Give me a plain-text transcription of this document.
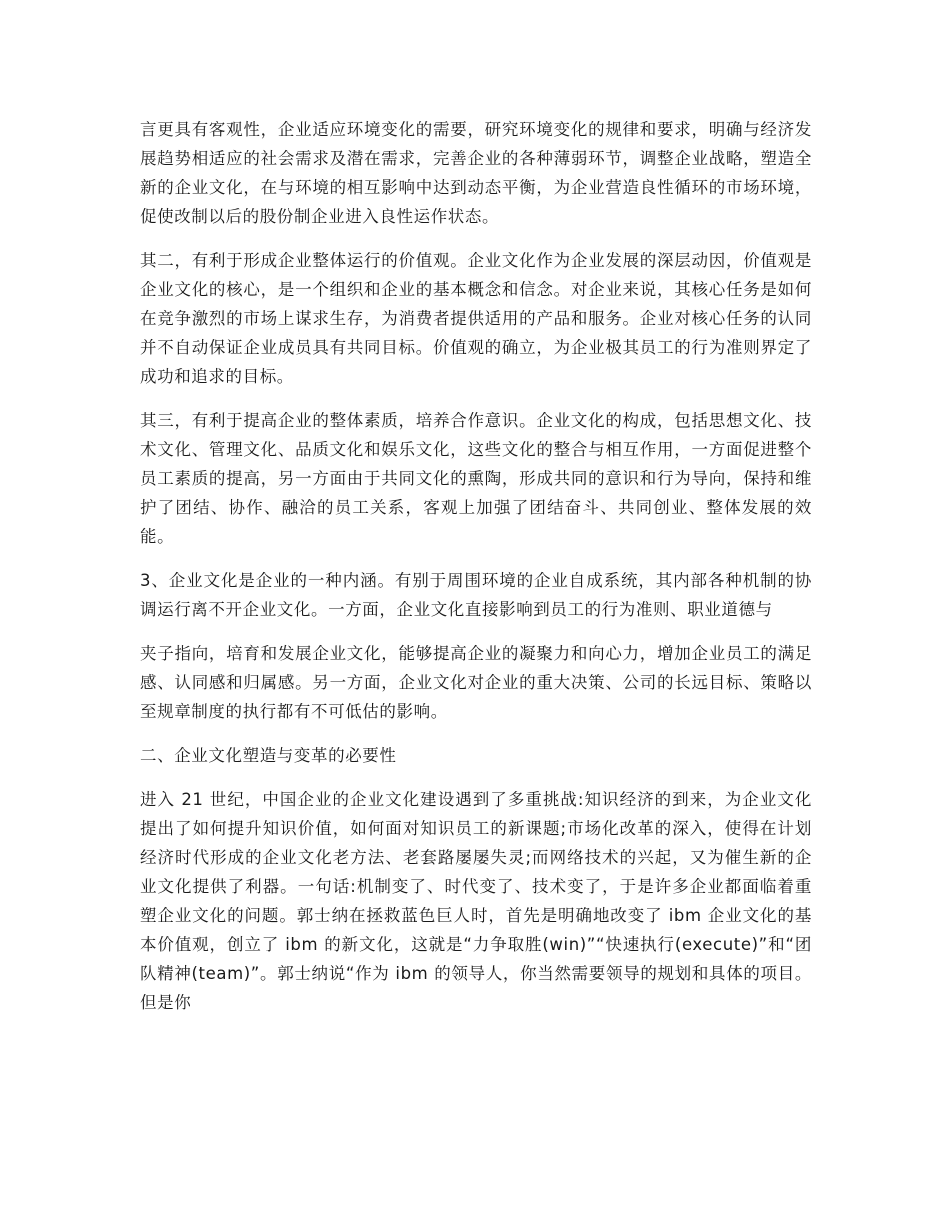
言更具有客观性，企业适应环境变化的需要，研究环境变化的规律和要求，明确与经济发展趋势相适应的社会需求及潜在需求，完善企业的各种薄弱环节，调整企业战略，塑造全新的企业文化，在与环境的相互影响中达到动态平衡，为企业营造良性循环的市场环境，促使改制以后的股份制企业进入良性运作状态。

其二，有利于形成企业整体运行的价值观。企业文化作为企业发展的深层动因，价值观是企业文化的核心，是一个组织和企业的基本概念和信念。对企业来说，其核心任务是如何在竞争激烈的市场上谋求生存，为消费者提供适用的产品和服务。企业对核心任务的认同并不自动保证企业成员具有共同目标。价值观的确立，为企业极其员工的行为准则界定了成功和追求的目标。

其三，有利于提高企业的整体素质，培养合作意识。企业文化的构成，包括思想文化、技术文化、管理文化、品质文化和娱乐文化，这些文化的整合与相互作用，一方面促进整个员工素质的提高，另一方面由于共同文化的熏陶，形成共同的意识和行为导向，保持和维护了团结、协作、融洽的员工关系，客观上加强了团结奋斗、共同创业、整体发展的效能。

3、企业文化是企业的一种内涵。有别于周围环境的企业自成系统，其内部各种机制的协调运行离不开企业文化。一方面，企业文化直接影响到员工的行为准则、职业道德与

夹子指向，培育和发展企业文化，能够提高企业的凝聚力和向心力，增加企业员工的满足感、认同感和归属感。另一方面，企业文化对企业的重大决策、公司的长远目标、策略以至规章制度的执行都有不可低估的影响。

二、企业文化塑造与变革的必要性

进入 21 世纪，中国企业的企业文化建设遇到了多重挑战:知识经济的到来，为企业文化提出了如何提升知识价值，如何面对知识员工的新课题;市场化改革的深入，使得在计划经济时代形成的企业文化老方法、老套路屡屡失灵;而网络技术的兴起，又为催生新的企业文化提供了利器。一句话:机制变了、时代变了、技术变了，于是许多企业都面临着重塑企业文化的问题。郭士纳在拯救蓝色巨人时，首先是明确地改变了 ibm 企业文化的基本价值观，创立了 ibm 的新文化，这就是“力争取胜(win)”“快速执行(execute)”和“团队精神(team)”。郭士纳说“作为 ibm 的领导人，你当然需要领导的规划和具体的项目。但是你
